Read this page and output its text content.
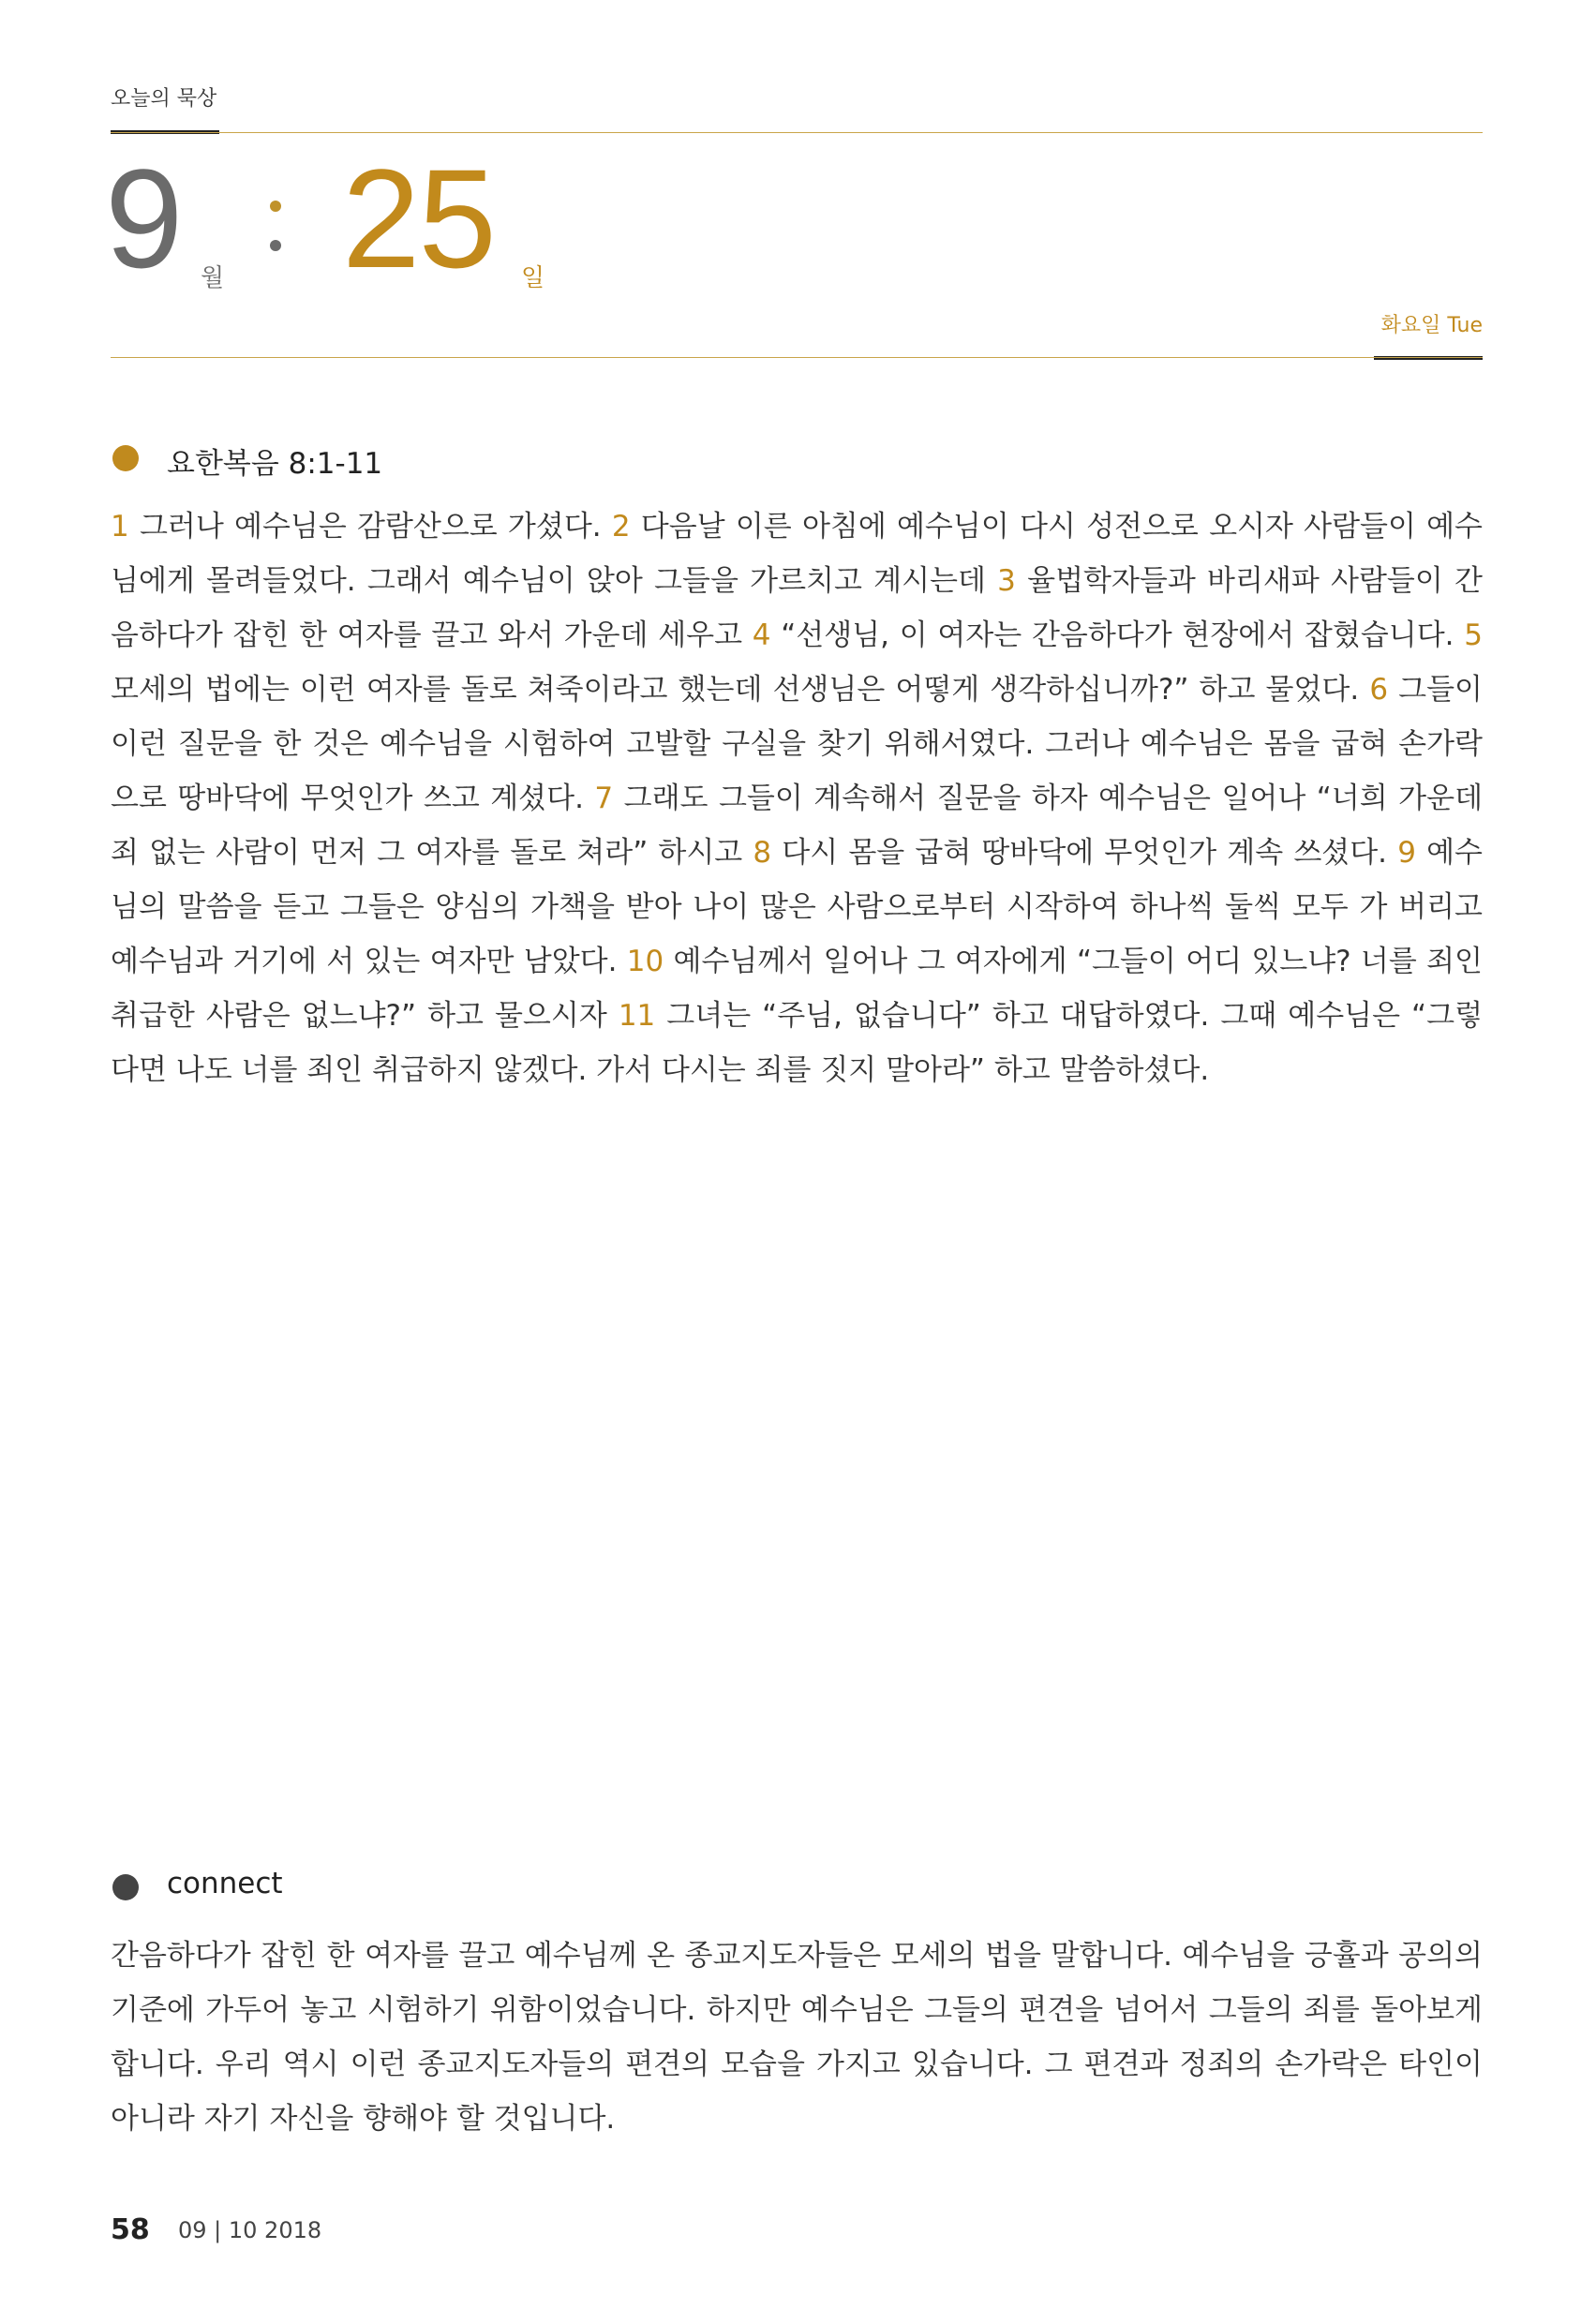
오늘의 묵상
9 월 25 일
화요일 Tue
요한복음 8:1-11
1 그러나 예수님은 감람산으로 가셨다. 2 다음날 이른 아침에 예수님이 다시 성전으로 오시자 사람들이 예수님에게 몰려들었다. 그래서 예수님이 앉아 그들을 가르치고 계시는데 3 율법학자들과 바리새파 사람들이 간음하다가 잡힌 한 여자를 끌고 와서 가운데 세우고 4 “선생님, 이 여자는 간음하다가 현장에서 잡혔습니다. 5 모세의 법에는 이런 여자를 돌로 쳐죽이라고 했는데 선생님은 어떻게 생각하십니까?” 하고 물었다. 6 그들이 이런 질문을 한 것은 예수님을 시험하여 고발할 구실을 찾기 위해서였다. 그러나 예수님은 몸을 굽혀 손가락으로 땅바닥에 무엇인가 쓰고 계셨다. 7 그래도 그들이 계속해서 질문을 하자 예수님은 일어나 “너희 가운데 죄 없는 사람이 먼저 그 여자를 돌로 쳐라” 하시고 8 다시 몸을 굽혀 땅바닥에 무엇인가 계속 쓰셨다. 9 예수님의 말씀을 듣고 그들은 양심의 가책을 받아 나이 많은 사람으로부터 시작하여 하나씩 둘씩 모두 가 버리고 예수님과 거기에 서 있는 여자만 남았다. 10 예수님께서 일어나 그 여자에게 “그들이 어디 있느냐? 너를 죄인 취급한 사람은 없느냐?” 하고 물으시자 11 그녀는 “주님, 없습니다” 하고 대답하였다. 그때 예수님은 “그렇다면 나도 너를 죄인 취급하지 않겠다. 가서 다시는 죄를 짓지 말아라” 하고 말씀하셨다.
connect
간음하다가 잡힌 한 여자를 끌고 예수님께 온 종교지도자들은 모세의 법을 말합니다. 예수님을 긍휼과 공의의 기준에 가두어 놓고 시험하기 위함이었습니다. 하지만 예수님은 그들의 편견을 넘어서 그들의 죄를 돌아보게 합니다. 우리 역시 이런 종교지도자들의 편견의 모습을 가지고 있습니다. 그 편견과 정죄의 손가락은 타인이 아니라 자기 자신을 향해야 할 것입니다.
58 09 | 10 2018
